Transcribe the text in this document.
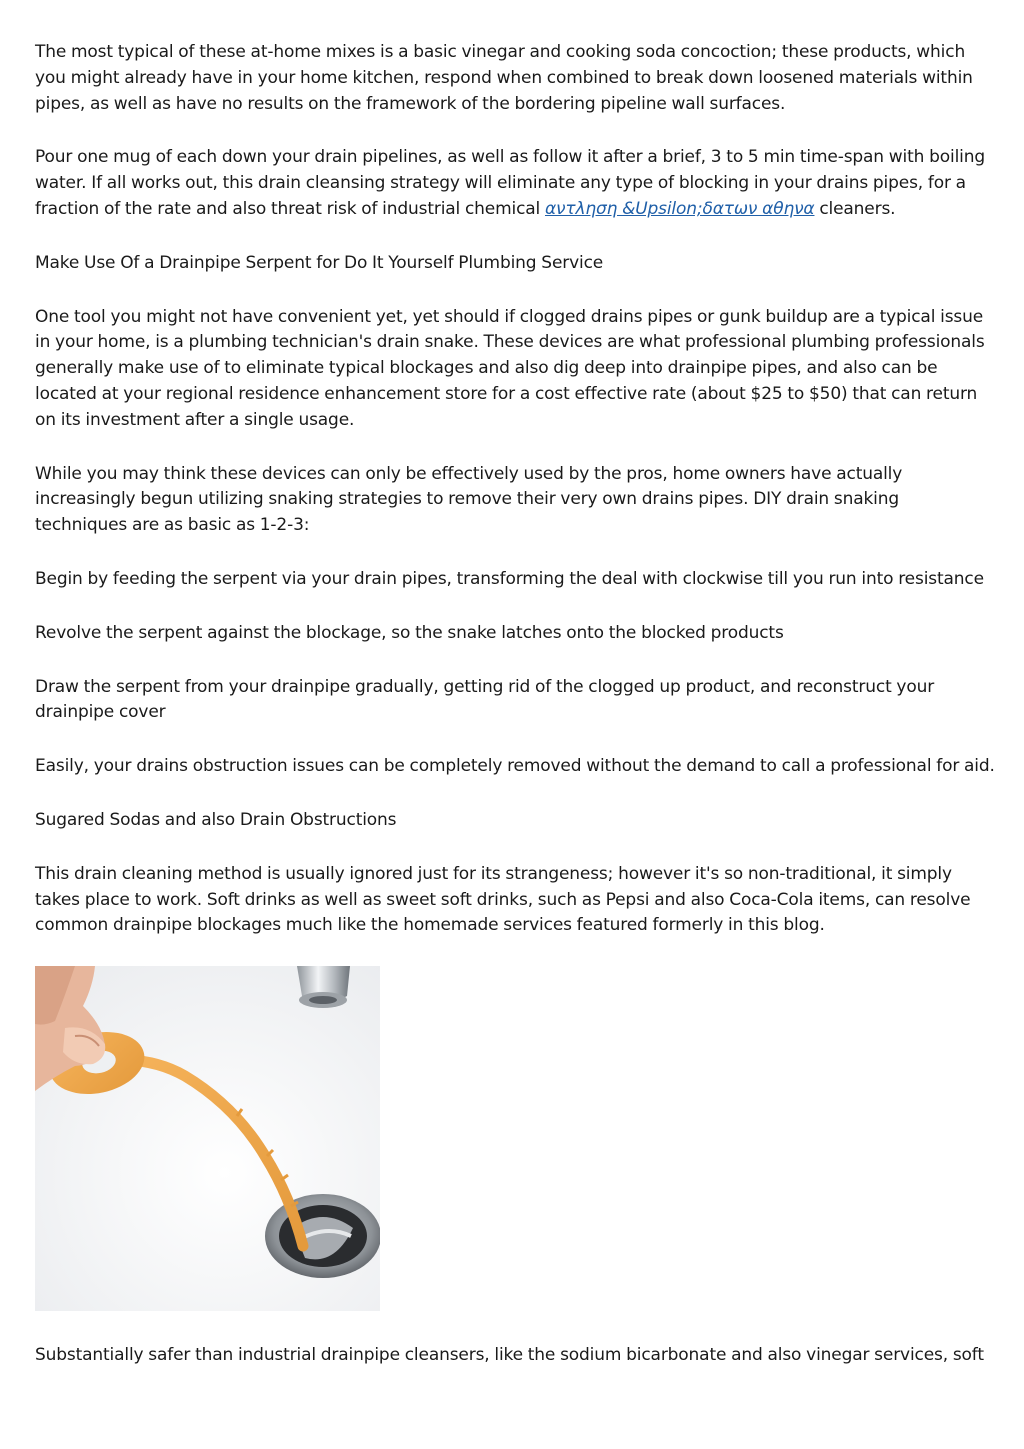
The most typical of these at-home mixes is a basic vinegar and cooking soda concoction; these products, which you might already have in your home kitchen, respond when combined to break down loosened materials within pipes, as well as have no results on the framework of the bordering pipeline wall surfaces.

Pour one mug of each down your drain pipelines, as well as follow it after a brief, 3 to 5 min time-span with boiling water. If all works out, this drain cleansing strategy will eliminate any type of blocking in your drains pipes, for a fraction of the rate and also threat risk of industrial chemical αντληση &Upsilon;δατων αθηνα cleaners.

Make Use Of a Drainpipe Serpent for Do It Yourself Plumbing Service

One tool you might not have convenient yet, yet should if clogged drains pipes or gunk buildup are a typical issue in your home, is a plumbing technician's drain snake. These devices are what professional plumbing professionals generally make use of to eliminate typical blockages and also dig deep into drainpipe pipes, and also can be located at your regional residence enhancement store for a cost effective rate (about $25 to $50) that can return on its investment after a single usage.

While you may think these devices can only be effectively used by the pros, home owners have actually increasingly begun utilizing snaking strategies to remove their very own drains pipes. DIY drain snaking techniques are as basic as 1-2-3:

Begin by feeding the serpent via your drain pipes, transforming the deal with clockwise till you run into resistance

Revolve the serpent against the blockage, so the snake latches onto the blocked products

Draw the serpent from your drainpipe gradually, getting rid of the clogged up product, and reconstruct your drainpipe cover

Easily, your drains obstruction issues can be completely removed without the demand to call a professional for aid.

Sugared Sodas and also Drain Obstructions

This drain cleaning method is usually ignored just for its strangeness; however it's so non-traditional, it simply takes place to work. Soft drinks as well as sweet soft drinks, such as Pepsi and also Coca-Cola items, can resolve common drainpipe blockages much like the homemade services featured formerly in this blog.

Substantially safer than industrial drainpipe cleansers, like the sodium bicarbonate and also vinegar services, soft
